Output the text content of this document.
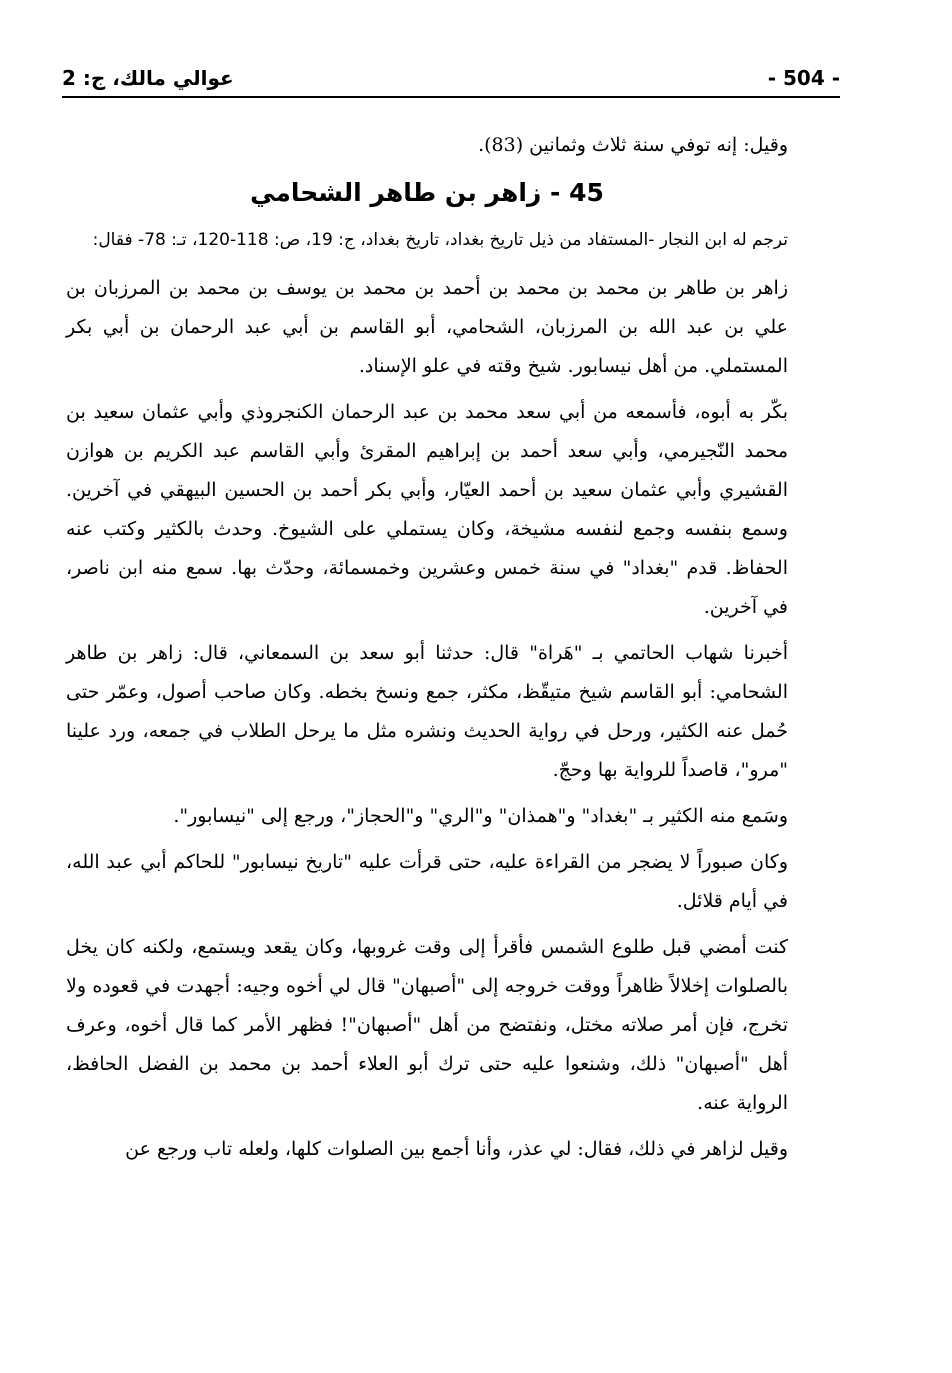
- 504 -
عوالي مالك، ج: 2

وقيل: إنه توفي سنة ثلاث وثمانين (83).

45 - زاهر بن طاهر الشحامي

ترجم له ابن النجار -المستفاد من ذيل تاريخ بغداد، تاريخ بغداد، ج: 19، ص: 118-120، تـ: 78- فقال:

زاهر بن طاهر بن محمد بن محمد بن أحمد بن محمد بن يوسف بن محمد بن المرزبان بن علي بن عبد الله بن المرزبان، الشحامي، أبو القاسم بن أبي عبد الرحمان بن أبي بكر المستملي. من أهل نيسابور. شيخ وقته في علو الإسناد.

بكّر به أبوه، فأسمعه من أبي سعد محمد بن عبد الرحمان الكنجروذي وأبي عثمان سعيد بن محمد النّجيرمي، وأبي سعد أحمد بن إبراهيم المقرئ وأبي القاسم عبد الكريم بن هوازن القشيري وأبي عثمان سعيد بن أحمد العيّار، وأبي بكر أحمد بن الحسين البيهقي في آخرين. وسمع بنفسه وجمع لنفسه مشيخة، وكان يستملي على الشيوخ. وحدث بالكثير وكتب عنه الحفاظ. قدم "بغداد" في سنة خمس وعشرين وخمسمائة، وحدّث بها. سمع منه ابن ناصر، في آخرين.

أخبرنا شهاب الحاتمي بـ "هَراة" قال: حدثنا أبو سعد بن السمعاني، قال: زاهر بن طاهر الشحامي: أبو القاسم شيخ متيقّظ، مكثر، جمع ونسخ بخطه. وكان صاحب أصول، وعمّر حتى حُمل عنه الكثير، ورحل في رواية الحديث ونشره مثل ما يرحل الطلاب في جمعه، ورد علينا "مرو"، قاصداً للرواية بها وحجّ.

وسَمع منه الكثير بـ "بغداد" و"همذان" و"الري" و"الحجاز"، ورجع إلى "نيسابور".

وكان صبوراً لا يضجر من القراءة عليه، حتى قرأت عليه "تاريخ نيسابور" للحاكم أبي عبد الله، في أيام قلائل.

كنت أمضي قبل طلوع الشمس فأقرأ إلى وقت غروبها، وكان يقعد ويستمع، ولكنه كان يخل بالصلوات إخلالاً ظاهراً ووقت خروجه إلى "أصبهان" قال لي أخوه وجيه: أجهدت في قعوده ولا تخرج، فإن أمر صلاته مختل، ونفتضح من أهل "أصبهان"! فظهر الأمر كما قال أخوه، وعرف أهل "أصبهان" ذلك، وشنعوا عليه حتى ترك أبو العلاء أحمد بن محمد بن الفضل الحافظ، الرواية عنه.

وقيل لزاهر في ذلك، فقال: لي عذر، وأنا أجمع بين الصلوات كلها، ولعله تاب ورجع عن
